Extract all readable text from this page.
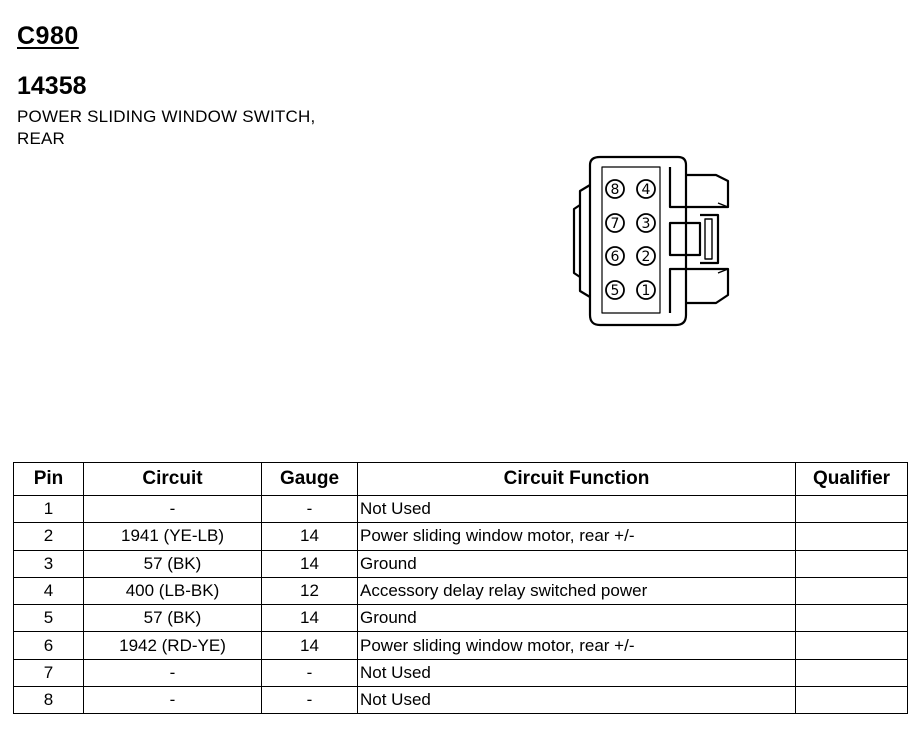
C980
14358
POWER SLIDING WINDOW SWITCH,
REAR
8 4
7 3
6 2
5 1
Pin	Circuit	Gauge	Circuit Function	Qualifier
1	-	-	Not Used	
2	1941 (YE-LB)	14	Power sliding window motor, rear +/-	
3	57 (BK)	14	Ground	
4	400 (LB-BK)	12	Accessory delay relay switched power	
5	57 (BK)	14	Ground	
6	1942 (RD-YE)	14	Power sliding window motor, rear +/-	
7	-	-	Not Used	
8	-	-	Not Used	
